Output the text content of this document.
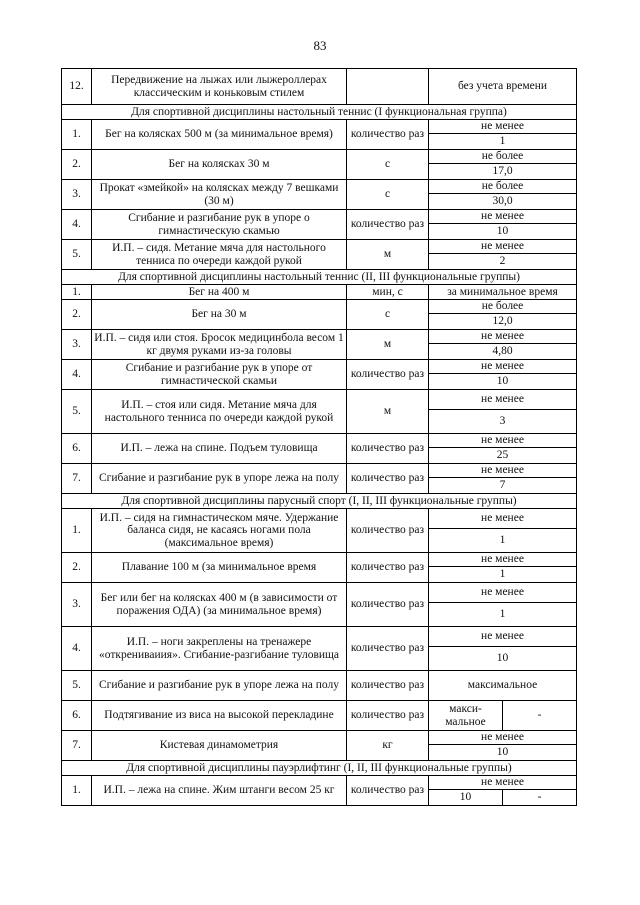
83
12.	Передвижение на лыжах или лыжероллерах классическим и коньковым стилем		без учета времени	
Для спортивной дисциплины настольный теннис (I функциональная группа)				
1.	Бег на колясках 500 м (за минимальное время)	количество раз	не менее	
			1	
2.	Бег на колясках 30 м	с	не более	
			17,0	
3.	Прокат «змейкой» на колясках между 7 вешками (30 м)	с	не более	
			30,0	
4.	Сгибание и разгибание рук в упоре о гимнастическую скамью	количество раз	не менее	
			10	
5.	И.П. – сидя. Метание мяча для настольного тенниса по очереди каждой рукой	м	не менее	
			2	
Для спортивной дисциплины настольный теннис (II, III функциональные группы)				
1.	Бег на 400 м	мин, с	за минимальное время	
2.	Бег на 30 м	с	не более	
			12,0	
3.	И.П. – сидя или стоя. Бросок медицинбола весом 1 кг двумя руками из-за головы	м	не менее	
			4,80	
4.	Сгибание и разгибание рук в упоре от гимнастической скамьи	количество раз	не менее	
			10	
5.	И.П. – стоя или сидя. Метание мяча для настольного тенниса по очереди каждой рукой	м	не менее	
			3	
6.	И.П. – лежа на спине. Подъем туловища	количество раз	не менее	
			25	
7.	Сгибание и разгибание рук в упоре лежа на полу	количество раз	не менее	
			7	
Для спортивной дисциплины парусный спорт (I, II, III функциональные группы)				
1.	И.П. – сидя на гимнастическом мяче. Удержание баланса сидя, не касаясь ногами пола (максимальное время)	количество раз	не менее	
			1	
2.	Плавание 100 м (за минимальное время	количество раз	не менее	
			1	
3.	Бег или бег на колясках 400 м (в зависимости от поражения ОДА) (за минимальное время)	количество раз	не менее	
			1	
4.	И.П. – ноги закреплены на тренажере «открениваиия». Сгибание-разгибание туловища	количество раз	не менее	
			10	
5.	Сгибание и разгибание рук в упоре лежа на полу	количество раз	максимальное	
6.	Подтягивание из виса на высокой перекладине	количество раз	макси-мальное	-
7.	Кистевая динамометрия	кг	не менее	
			10	
Для спортивной дисциплины пауэрлифтинг (I, II, III функциональные группы)				
1.	И.П. – лежа на спине. Жим штанги весом 25 кг	количество раз	не менее	
			10	-
